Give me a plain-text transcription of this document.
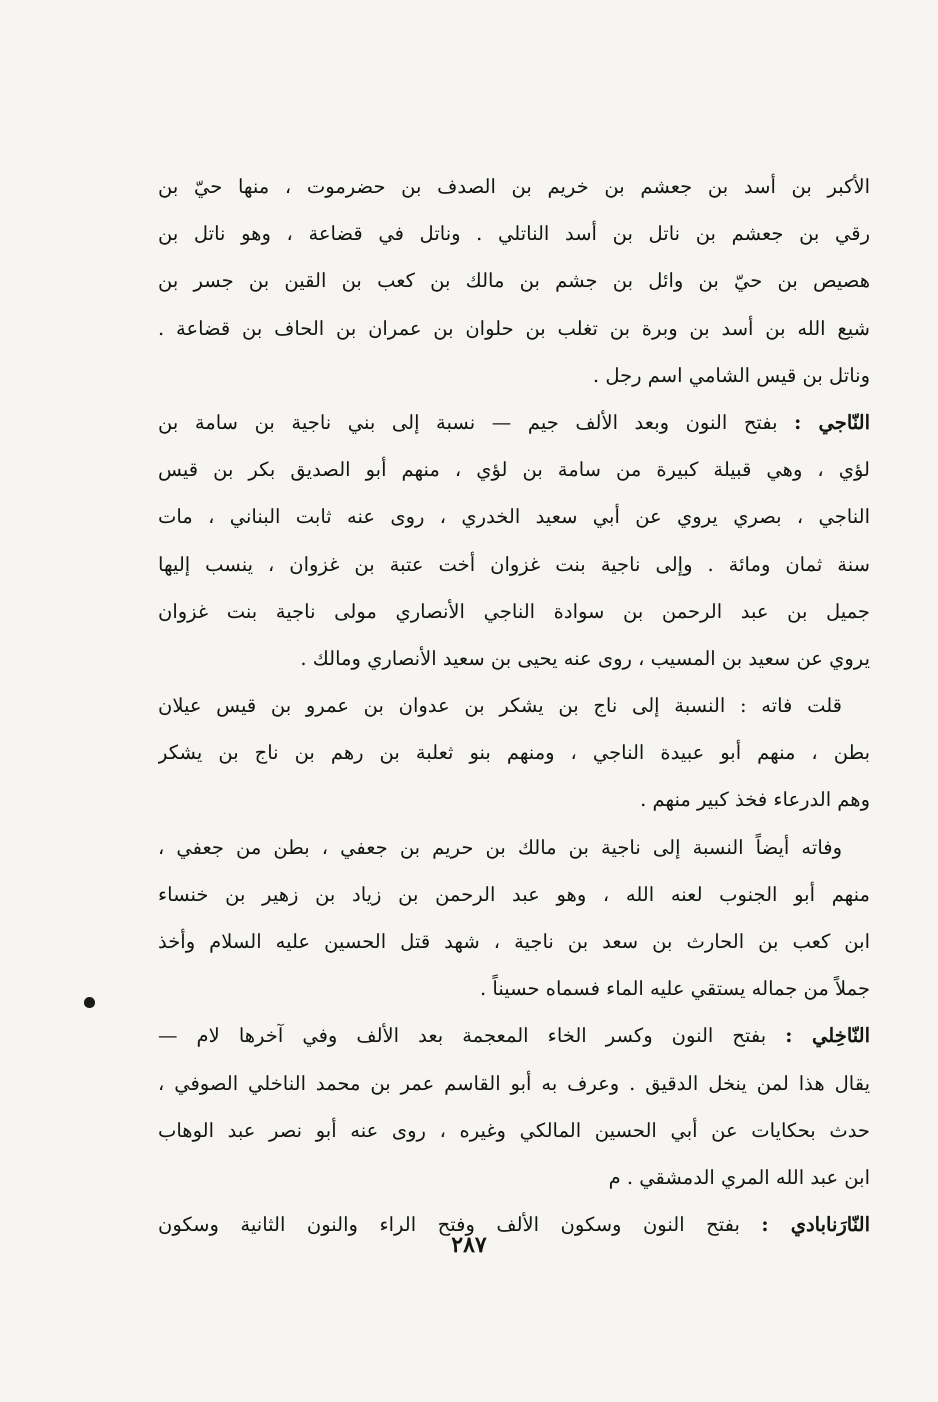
الأكبر بن أسد بن جعشم بن خريم بن الصدف بن حضرموت ، منها حيّ بن
رقي بن جعشم بن ناتل بن أسد الناتلي . وناتل في قضاعة ، وهو ناتل بن
هصيص بن حيّ بن وائل بن جشم بن مالك بن كعب بن القين بن جسر بن
شيع الله بن أسد بن وبرة بن تغلب بن حلوان بن عمران بن الحاف بن قضاعة .
وناتل بن قيس الشامي اسم رجل .
النّاجي : بفتح النون وبعد الألف جيم — نسبة إلى بني ناجية بن سامة بن
لؤي ، وهي قبيلة كبيرة من سامة بن لؤي ، منهم أبو الصديق بكر بن قيس
الناجي ، بصري يروي عن أبي سعيد الخدري ، روى عنه ثابت البناني ، مات
سنة ثمان ومائة . وإلى ناجية بنت غزوان أخت عتبة بن غزوان ، ينسب إليها
جميل بن عبد الرحمن بن سوادة الناجي الأنصاري مولى ناجية بنت غزوان
يروي عن سعيد بن المسيب ، روى عنه يحيى بن سعيد الأنصاري ومالك .
قلت فاته : النسبة إلى ناج بن يشكر بن عدوان بن عمرو بن قيس عيلان
بطن ، منهم أبو عبيدة الناجي ، ومنهم بنو ثعلبة بن رهم بن ناج بن يشكر
وهم الدرعاء فخذ كبير منهم .
وفاته أيضاً النسبة إلى ناجية بن مالك بن حريم بن جعفي ، بطن من جعفي ،
منهم أبو الجنوب لعنه الله ، وهو عبد الرحمن بن زياد بن زهير بن خنساء
ابن كعب بن الحارث بن سعد بن ناجية ، شهد قتل الحسين عليه السلام وأخذ
جملاً من جماله يستقي عليه الماء فسماه حسيناً .
النّاخِلي : بفتح النون وكسر الخاء المعجمة بعد الألف وفي آخرها لام —
يقال هذا لمن ينخل الدقيق . وعرف به أبو القاسم عمر بن محمد الناخلي الصوفي ،
حدث بحكايات عن أبي الحسين المالكي وغيره ، روى عنه أبو نصر عبد الوهاب
ابن عبد الله المري الدمشقي . م
النّارَنابادي : بفتح النون وسكون الألف وفتح الراء والنون الثانية وسكون
٢٨٧
